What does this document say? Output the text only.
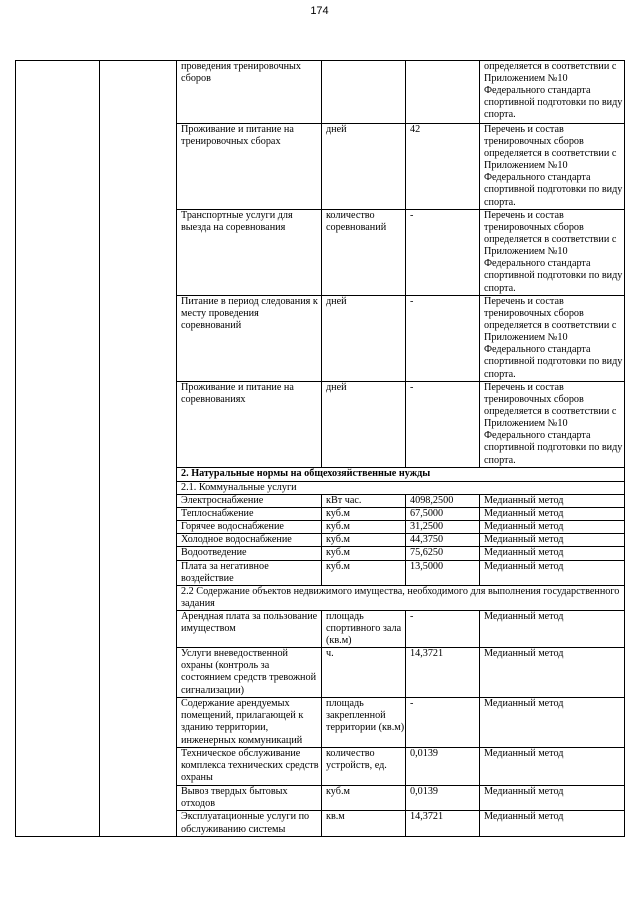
174
		проведения тренировочных сборов			определяется в соответствии с Приложением №10 Федерального стандарта спортивной подготовки по виду спорта.
		Проживание и питание на тренировочных сборах	дней	42	Перечень и состав тренировочных сборов определяется в соответствии с Приложением №10 Федерального стандарта спортивной подготовки по виду спорта.
		Транспортные услуги для выезда на соревнования	количество соревнований	-	Перечень и состав тренировочных сборов определяется в соответствии с Приложением №10 Федерального стандарта спортивной подготовки по виду спорта.
		Питание в период следования к месту проведения соревнований	дней	-	Перечень и состав тренировочных сборов определяется в соответствии с Приложением №10 Федерального стандарта спортивной подготовки по виду спорта.
		Проживание и питание на соревнованиях	дней	-	Перечень и состав тренировочных сборов определяется в соответствии с Приложением №10 Федерального стандарта спортивной подготовки по виду спорта.
		2. Натуральные нормы на общехозяйственные нужды			
		2.1. Коммунальные услуги			
		Электроснабжение	кВт час.	4098,2500	Медианный метод
		Теплоснабжение	куб.м	67,5000	Медианный метод
		Горячее водоснабжение	куб.м	31,2500	Медианный метод
		Холодное водоснабжение	куб.м	44,3750	Медианный метод
		Водоотведение	куб.м	75,6250	Медианный метод
		Плата за негативное воздействие	куб.м	13,5000	Медианный метод
		2.2 Содержание объектов недвижимого имущества, необходимого для выполнения государственного задания			
		Арендная плата за пользование имуществом	площадь спортивного зала (кв.м)	-	Медианный метод
		Услуги вневедоственной охраны (контроль за состоянием средств тревожной сигнализации)	ч.	14,3721	Медианный метод
		Содержание арендуемых помещений, прилагающей к зданию территории, инженерных коммуникаций	площадь закрепленной территории (кв.м)	-	Медианный метод
		Техническое обслуживание комплекса технических средств охраны	количество устройств, ед.	0,0139	Медианный метод
		Вывоз твердых бытовых отходов	куб.м	0,0139	Медианный метод
		Эксплуатационные услуги по обслуживанию системы	кв.м	14,3721	Медианный метод
